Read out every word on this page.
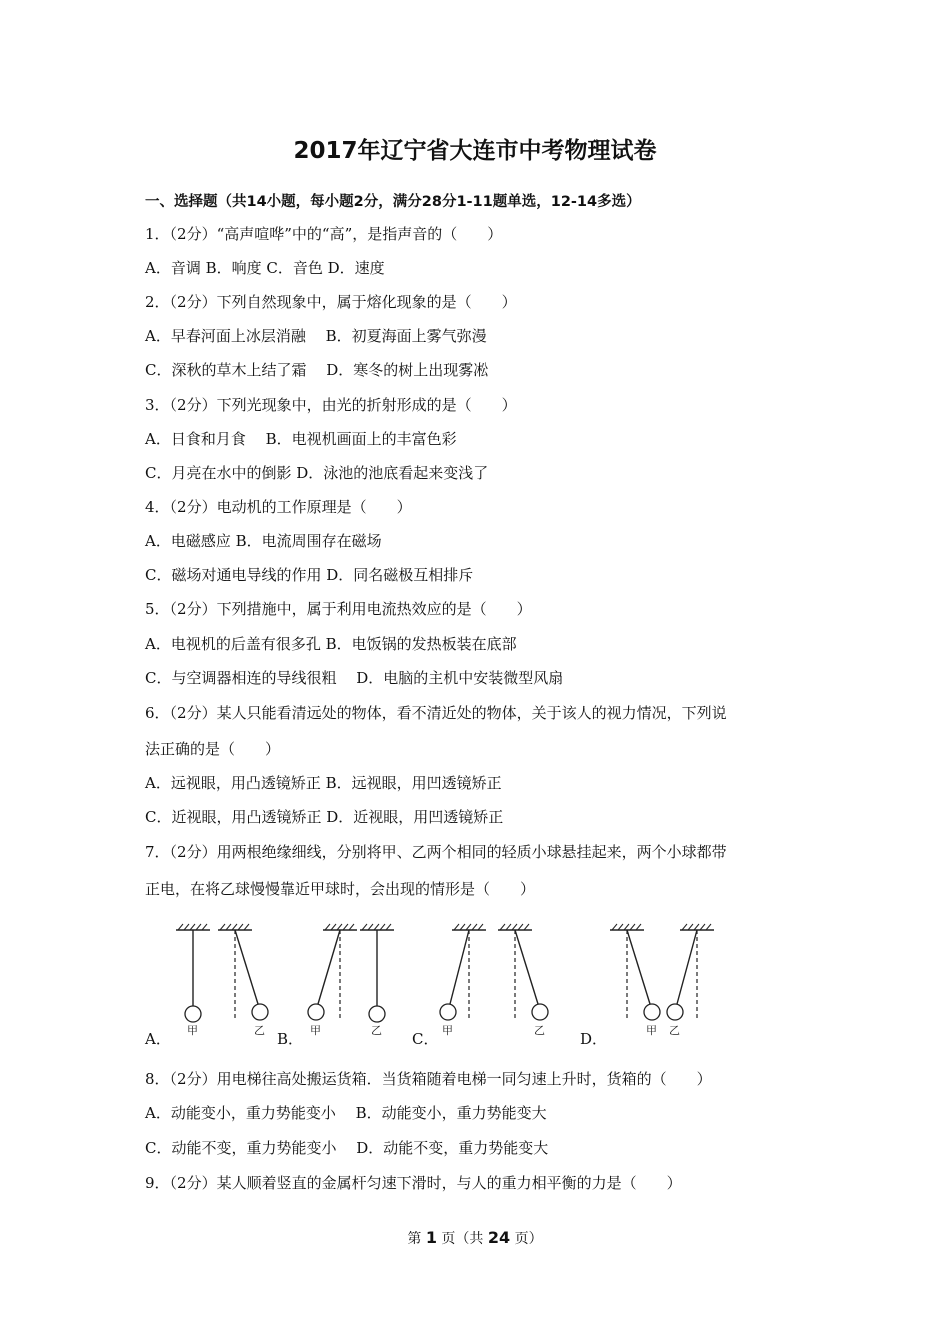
2017年辽宁省大连市中考物理试卷
一、选择题（共14小题，每小题2分，满分28分1-11题单选，12-14多选）
1．（2分）“高声喧哗”中的“高”，是指声音的（　　）
A．音调 B．响度 C．音色 D．速度
2．（2分）下列自然现象中，属于熔化现象的是（　　）
A．早春河面上冰层消融　 B．初夏海面上雾气弥漫
C．深秋的草木上结了霜　 D．寒冬的树上出现雾凇
3．（2分）下列光现象中，由光的折射形成的是（　　）
A．日食和月食　 B．电视机画面上的丰富色彩
C．月亮在水中的倒影 D．泳池的池底看起来变浅了
4．（2分）电动机的工作原理是（　　）
A．电磁感应 B．电流周围存在磁场
C．磁场对通电导线的作用 D．同名磁极互相排斥
5．（2分）下列措施中，属于利用电流热效应的是（　　）
A．电视机的后盖有很多孔 B．电饭锅的发热板装在底部
C．与空调器相连的导线很粗　 D．电脑的主机中安装微型风扇
6．（2分）某人只能看清远处的物体，看不清近处的物体，关于该人的视力情况，下列说
法正确的是（　　）
A．远视眼，用凸透镜矫正 B．远视眼，用凹透镜矫正
C．近视眼，用凸透镜矫正 D．近视眼，用凹透镜矫正
7．（2分）用两根绝缘细线，分别将甲、乙两个相同的轻质小球悬挂起来，两个小球都带
正电，在将乙球慢慢靠近甲球时，会出现的情形是（　　）
甲	乙	甲	乙	甲	乙	甲 乙
A．	B．	C．	D．
8．（2分）用电梯往高处搬运货箱．当货箱随着电梯一同匀速上升时，货箱的（　　）
A．动能变小，重力势能变小　 B．动能变小，重力势能变大
C．动能不变，重力势能变小　 D．动能不变，重力势能变大
9．（2分）某人顺着竖直的金属杆匀速下滑时，与人的重力相平衡的力是（　　）
第 1 页（共 24 页）
